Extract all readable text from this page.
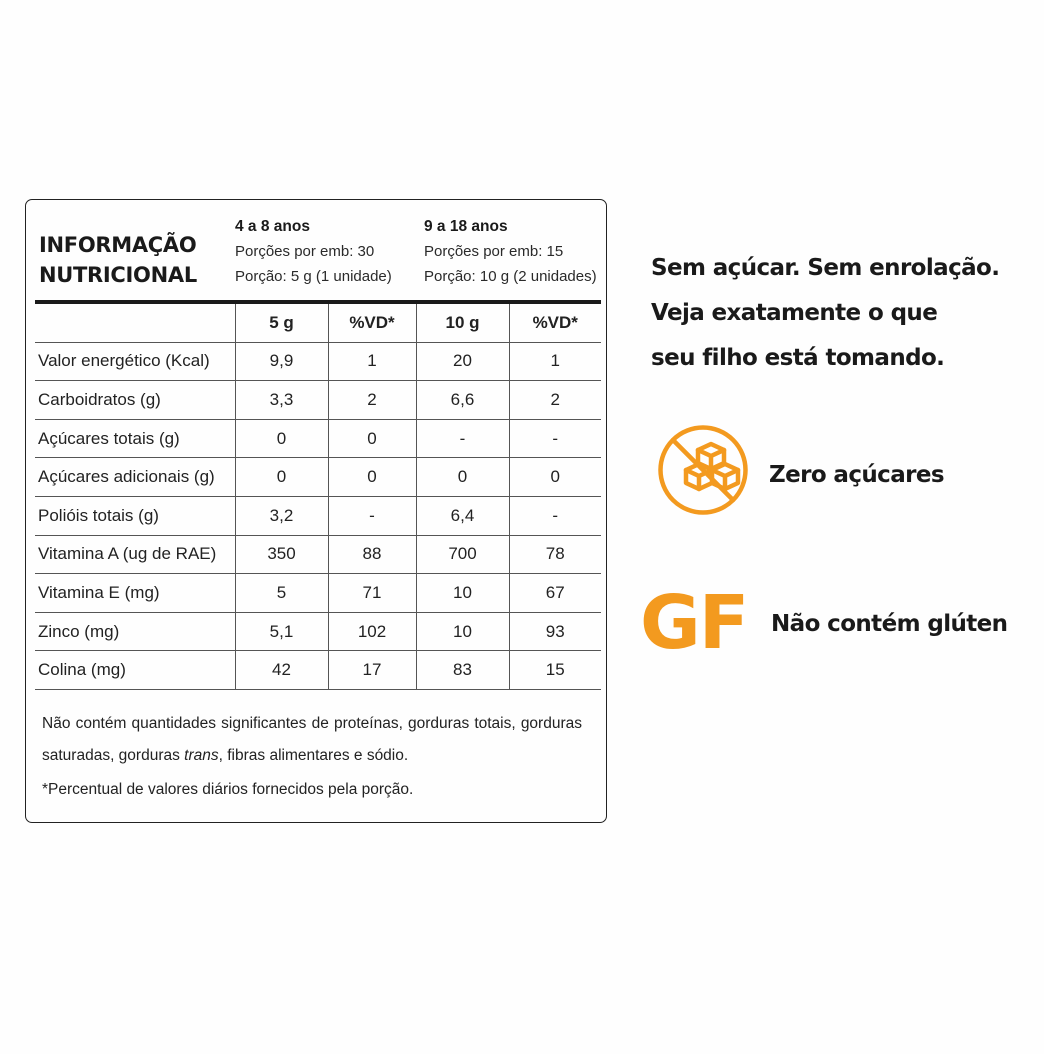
INFORMAÇÃO
NUTRICIONAL
4 a 8 anos
Porções por emb: 30
Porção: 5 g (1 unidade)
9 a 18 anos
Porções por emb: 15
Porção: 10 g (2 unidades)
	5 g	%VD*	10 g	%VD*
Valor energético (Kcal)	9,9	1	20	1
Carboidratos (g)	3,3	2	6,6	2
Açúcares totais (g)	0	0	-	-
Açúcares adicionais (g)	0	0	0	0
Polióis totais (g)	3,2	-	6,4	-
Vitamina A (ug de RAE)	350	88	700	78
Vitamina E (mg)	5	71	10	67
Zinco (mg)	5,1	102	10	93
Colina (mg)	42	17	83	15
Não contém quantidades significantes de proteínas, gorduras totais, gorduras saturadas, gorduras trans, fibras alimentares e sódio.
*Percentual de valores diários fornecidos pela porção.
Sem açúcar. Sem enrolação.
Veja exatamente o que
seu filho está tomando.
Zero açúcares
GF Não contém glúten
